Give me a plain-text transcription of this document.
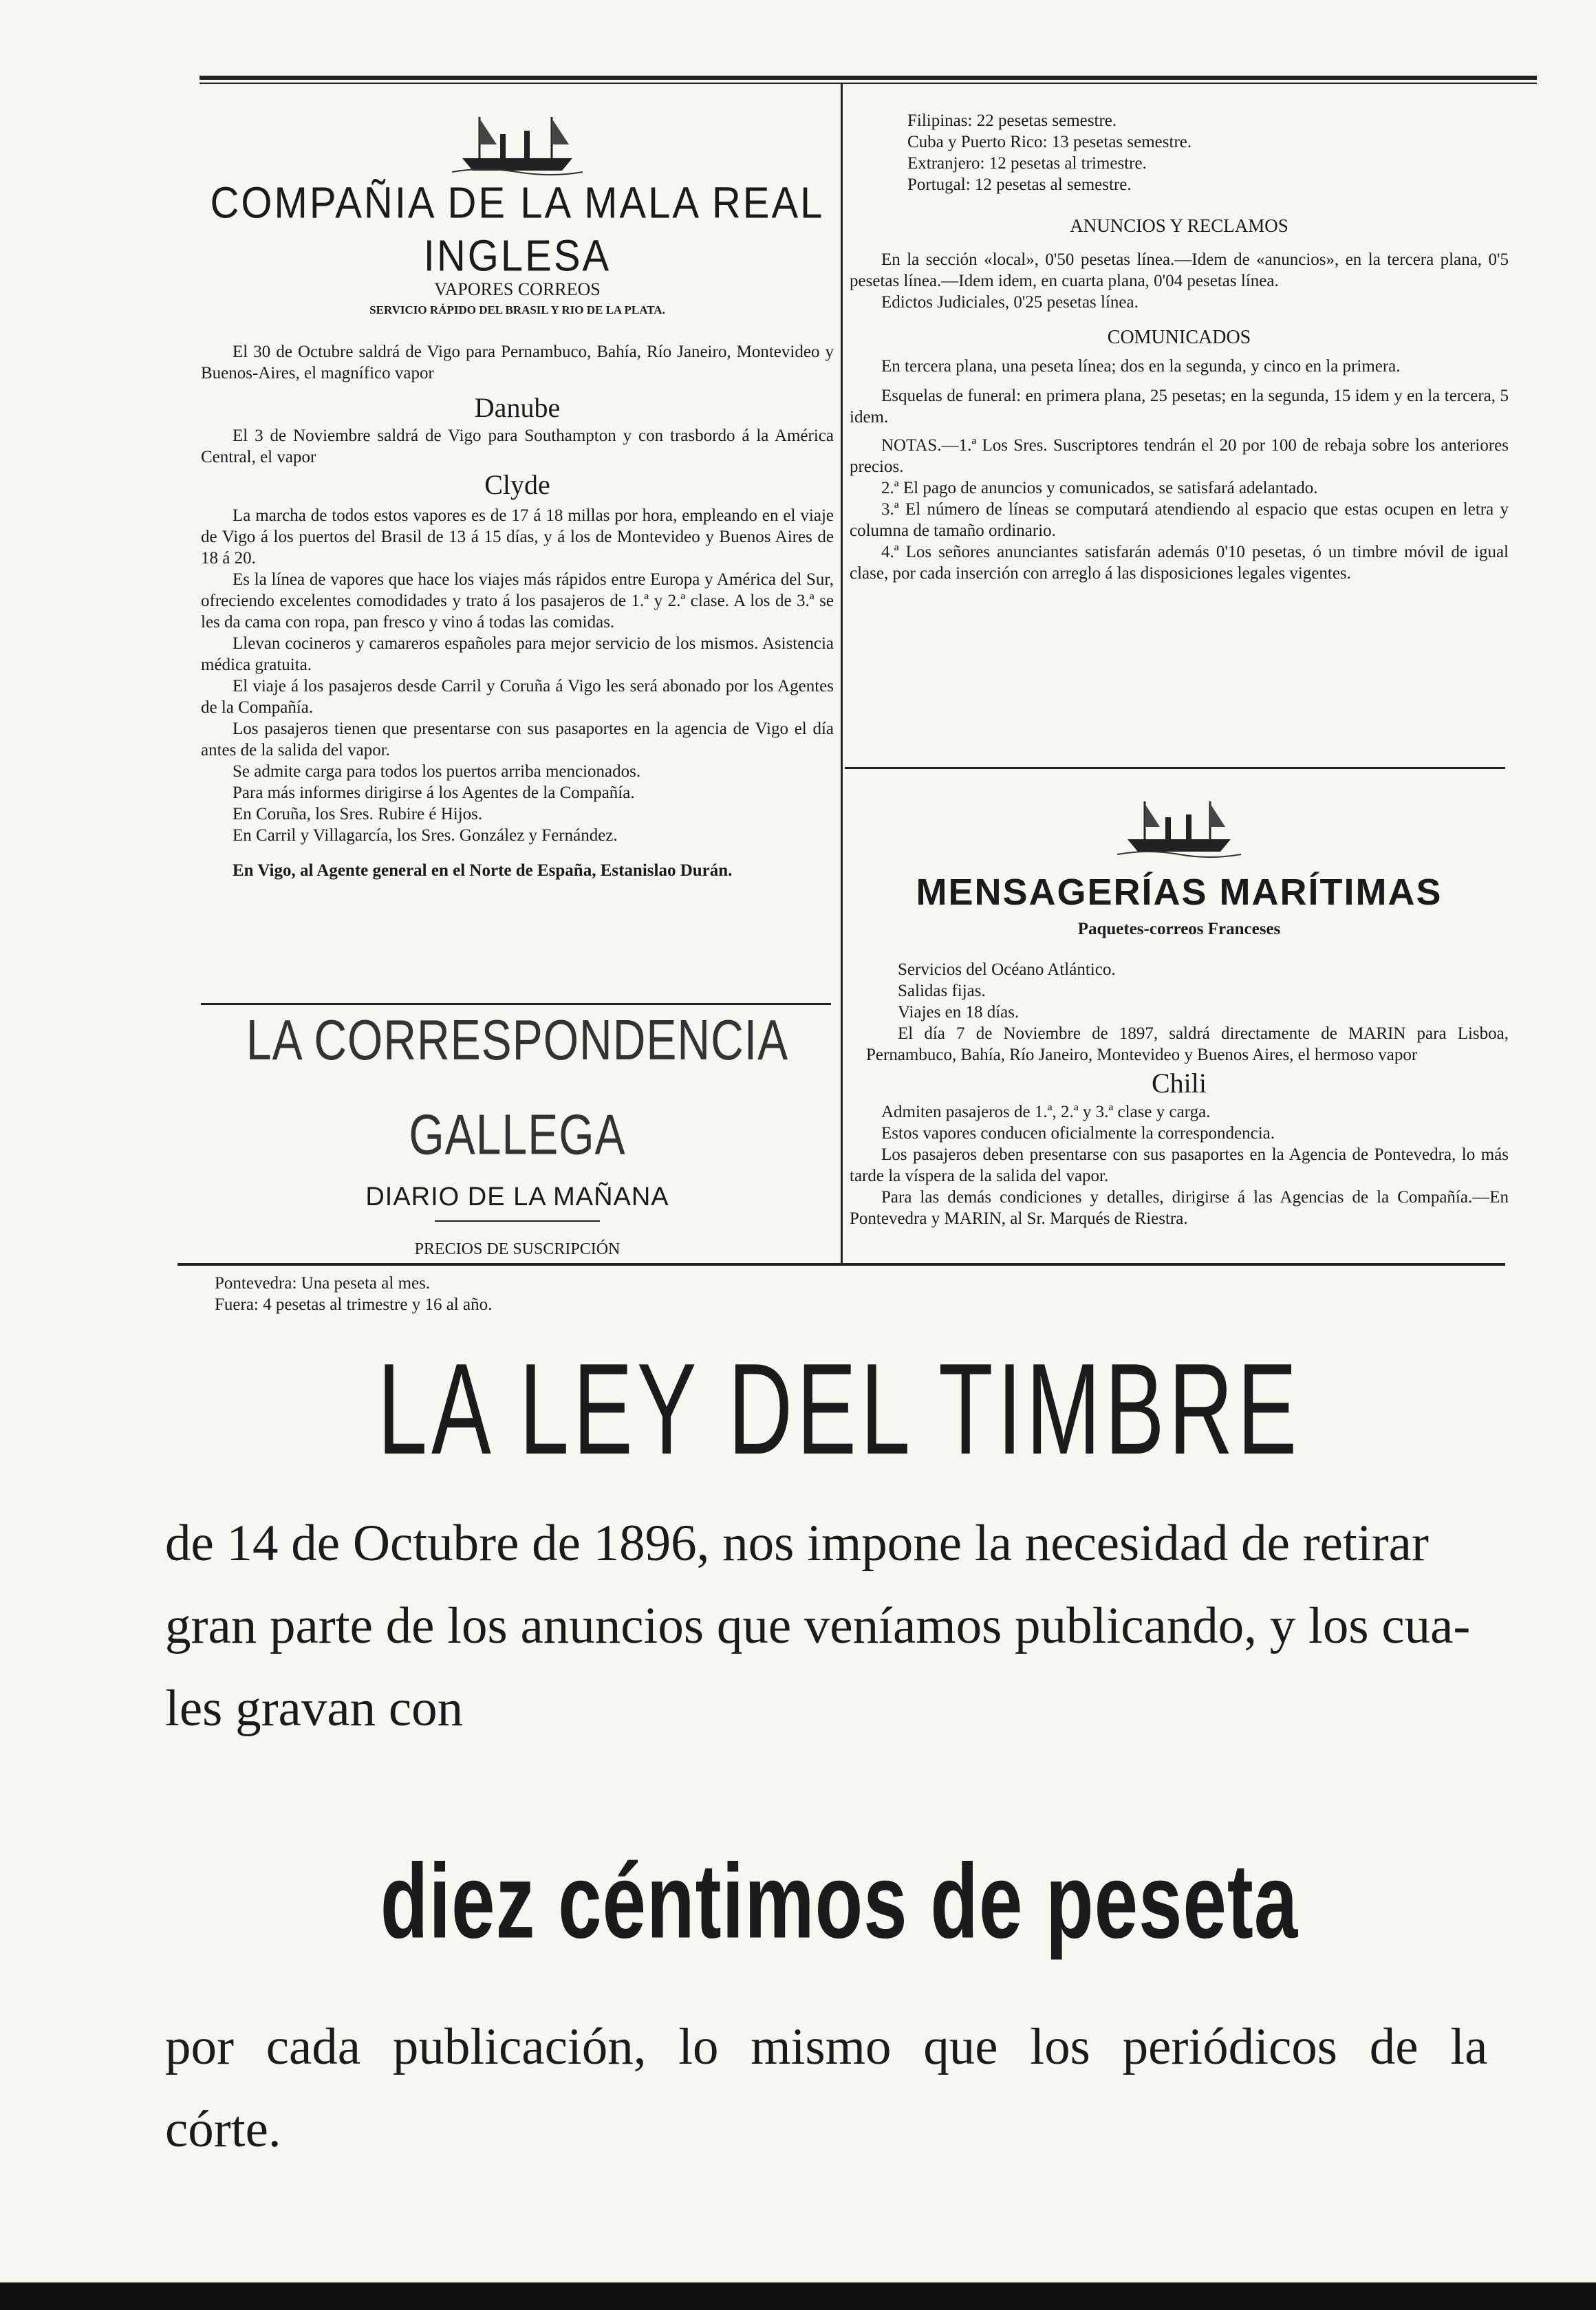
COMPAÑIA DE LA MALA REAL INGLESA
VAPORES CORREOS
SERVICIO RÁPIDO DEL BRASIL Y RIO DE LA PLATA.

El 30 de Octubre saldrá de Vigo para Pernambuco, Bahía, Río Janeiro, Montevideo y Buenos-Aires, el magnífico vapor

Danube

El 3 de Noviembre saldrá de Vigo para Southampton y con trasbordo á la América Central, el vapor

Clyde

La marcha de todos estos vapores es de 17 á 18 millas por hora, empleando en el viaje de Vigo á los puertos del Brasil de 13 á 15 días, y á los de Montevideo y Buenos Aires de 18 á 20.

Es la línea de vapores que hace los viajes más rápidos entre Europa y América del Sur, ofreciendo excelentes comodidades y trato á los pasajeros de 1.ª y 2.ª clase. A los de 3.ª se les da cama con ropa, pan fresco y vino á todas las comidas.

Llevan cocineros y camareros españoles para mejor servicio de los mismos. Asistencia médica gratuita.

El viaje á los pasajeros desde Carril y Coruña á Vigo les será abonado por los Agentes de la Compañía.

Los pasajeros tienen que presentarse con sus pasaportes en la agencia de Vigo el día antes de la salida del vapor.

Se admite carga para todos los puertos arriba mencionados.

Para más informes dirigirse á los Agentes de la Compañía.

En Coruña, los Sres. Rubire é Hijos.

En Carril y Villagarcía, los Sres. González y Fernández.

En Vigo, al Agente general en el Norte de España, Estanislao Durán.

LA CORRESPONDENCIA GALLEGA
DIARIO DE LA MAÑANA
PRECIOS DE SUSCRIPCIÓN

Pontevedra: Una peseta al mes.

Fuera: 4 pesetas al trimestre y 16 al año.

Filipinas: 22 pesetas semestre.

Cuba y Puerto Rico: 13 pesetas semestre.

Extranjero: 12 pesetas al trimestre.

Portugal: 12 pesetas al semestre.

ANUNCIOS Y RECLAMOS

En la sección «local», 0'50 pesetas línea.—Idem de «anuncios», en la tercera plana, 0'5 pesetas línea.—Idem idem, en cuarta plana, 0'04 pesetas línea.

Edictos Judiciales, 0'25 pesetas línea.

COMUNICADOS

En tercera plana, una peseta línea; dos en la segunda, y cinco en la primera.

Esquelas de funeral: en primera plana, 25 pesetas; en la segunda, 15 idem y en la tercera, 5 idem.

NOTAS.—1.ª Los Sres. Suscriptores tendrán el 20 por 100 de rebaja sobre los anteriores precios.

2.ª El pago de anuncios y comunicados, se satisfará adelantado.

3.ª El número de líneas se computará atendiendo al espacio que estas ocupen en letra y columna de tamaño ordinario.

4.ª Los señores anunciantes satisfarán además 0'10 pesetas, ó un timbre móvil de igual clase, por cada inserción con arreglo á las disposiciones legales vigentes.

MENSAGERÍAS MARÍTIMAS
Paquetes-correos Franceses

Servicios del Océano Atlántico.

Salidas fijas.

Viajes en 18 días.

El día 7 de Noviembre de 1897, saldrá directamente de MARIN para Lisboa, Pernambuco, Bahía, Río Janeiro, Montevideo y Buenos Aires, el hermoso vapor

Chili

Admiten pasajeros de 1.ª, 2.ª y 3.ª clase y carga.

Estos vapores conducen oficialmente la correspondencia.

Los pasajeros deben presentarse con sus pasaportes en la Agencia de Pontevedra, lo más tarde la víspera de la salida del vapor.

Para las demás condiciones y detalles, dirigirse á las Agencias de la Compañía.—En Pontevedra y MARIN, al Sr. Marqués de Riestra.

LA LEY DEL TIMBRE

de 14 de Octubre de 1896, nos impone la necesidad de retirar

gran parte de los anuncios que veníamos publicando, y los cua-

les gravan con

diez céntimos de peseta

por cada publicación, lo mismo que los periódicos de la

córte.
